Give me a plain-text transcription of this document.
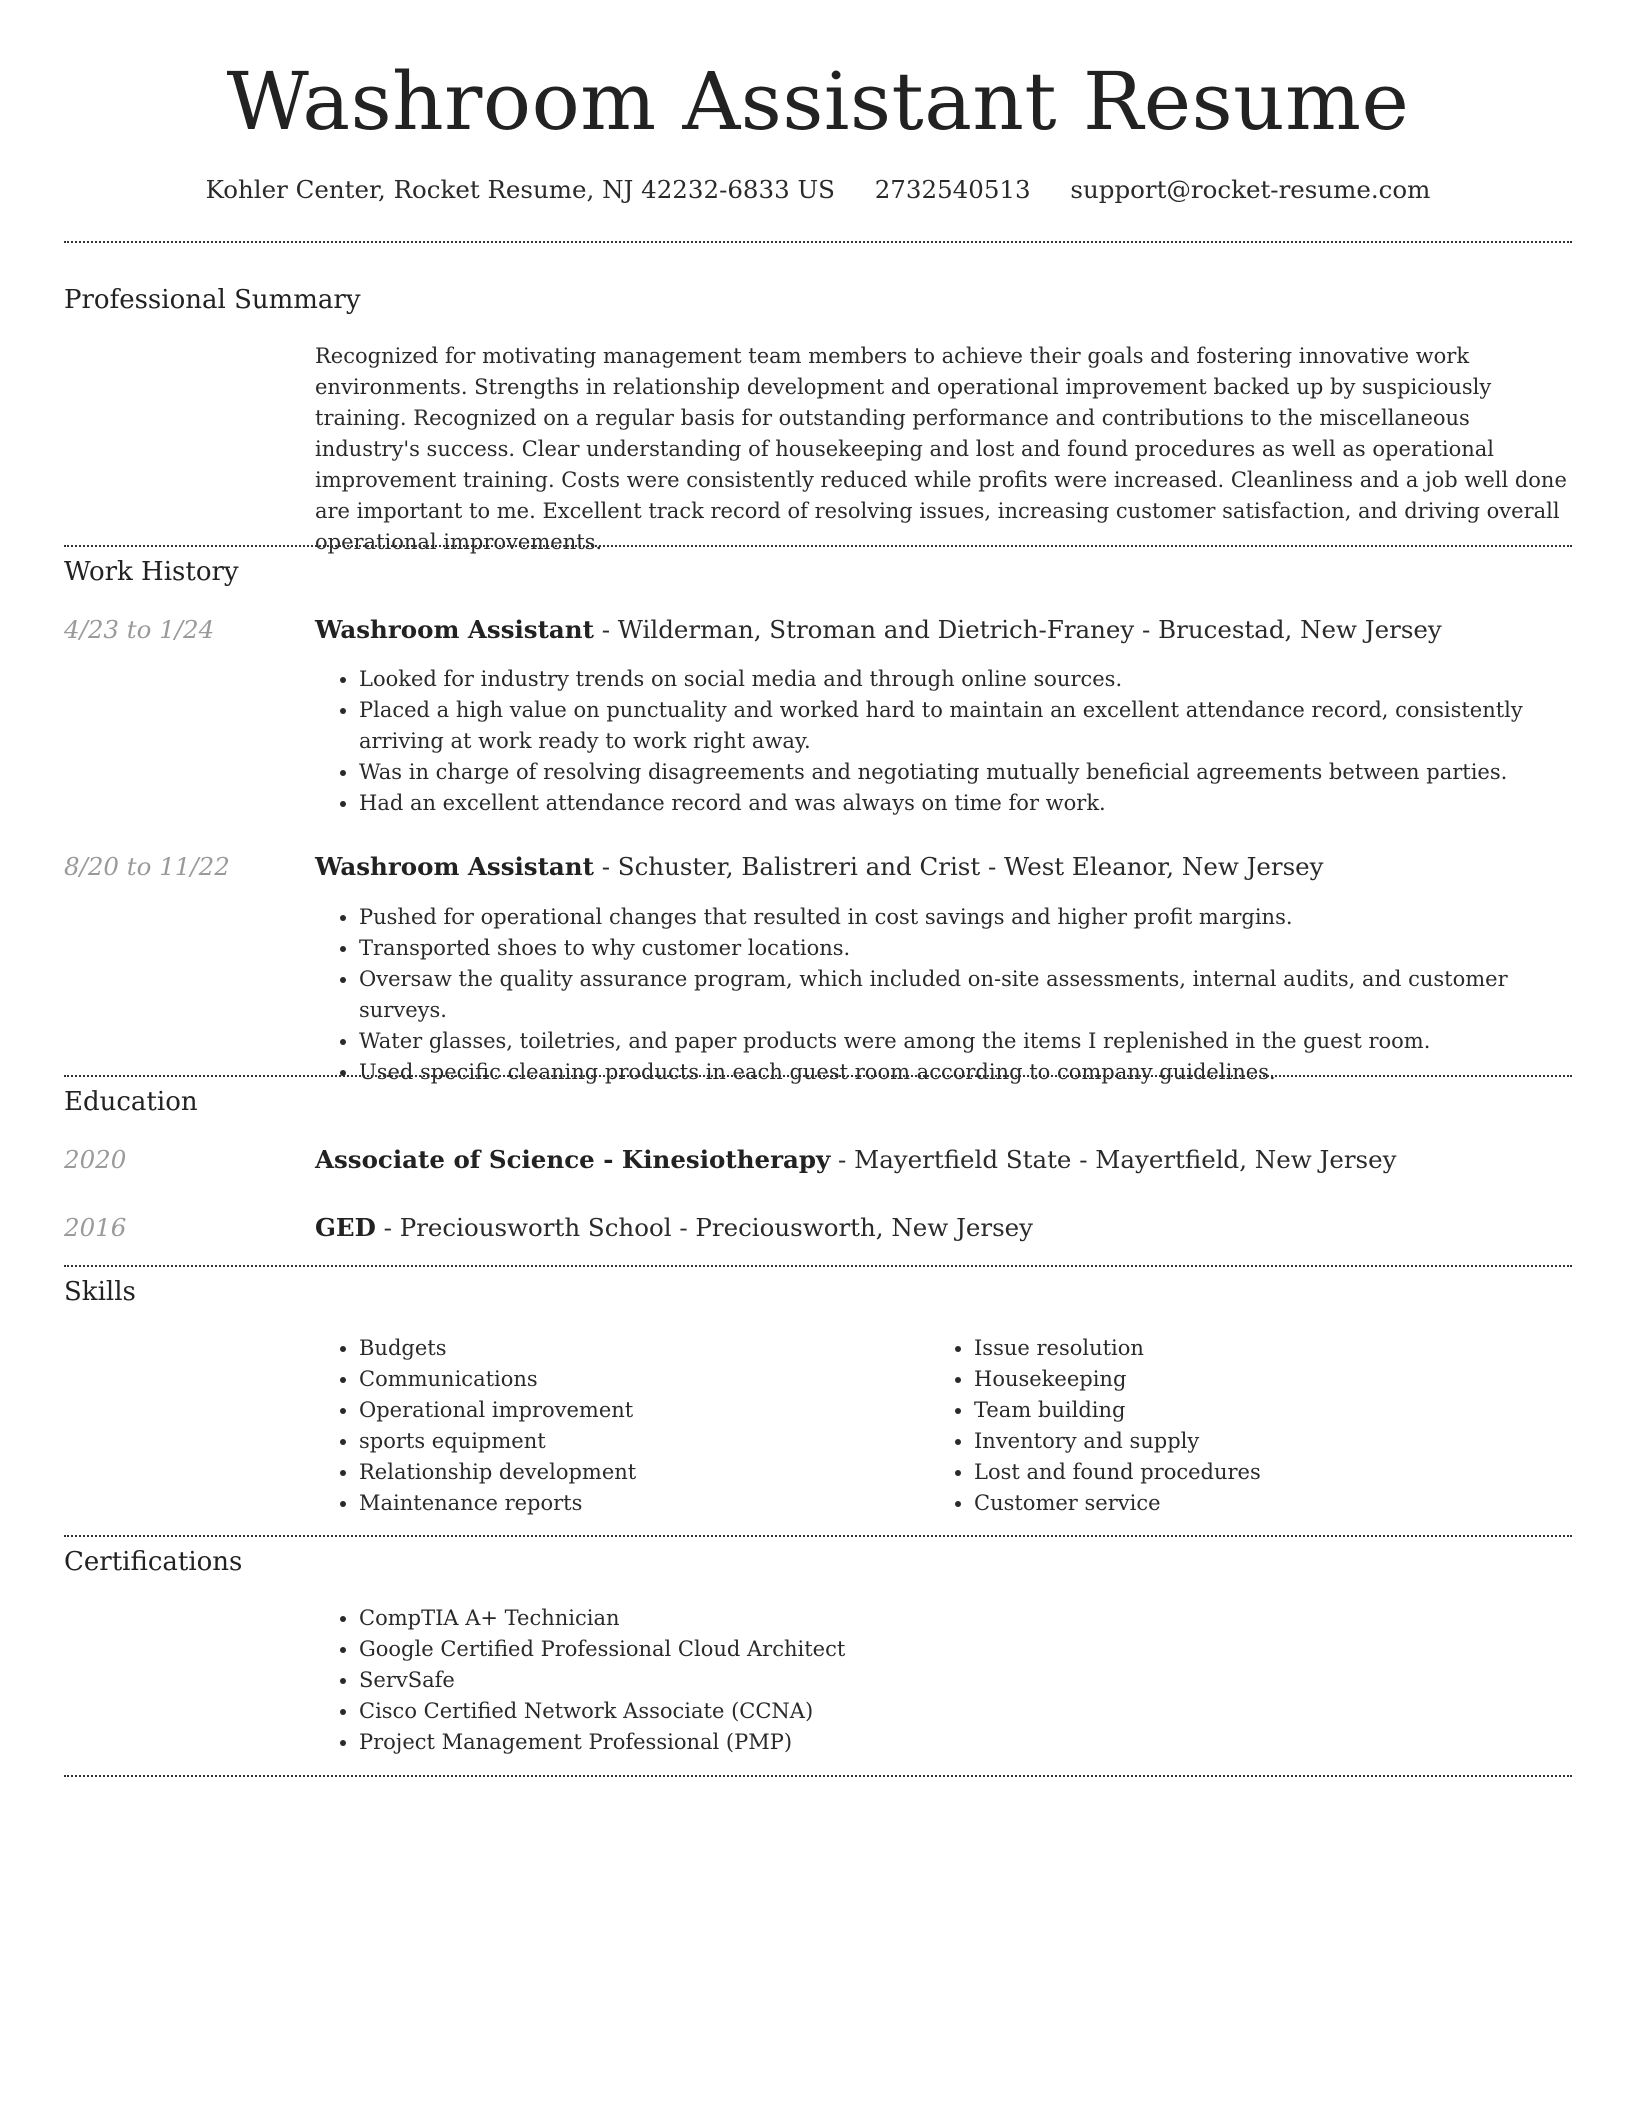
Washroom Assistant Resume
Kohler Center, Rocket Resume, NJ 42232-6833 US 2732540513 support@rocket-resume.com
Professional Summary
Recognized for motivating management team members to achieve their goals and fostering innovative work environments. Strengths in relationship development and operational improvement backed up by suspiciously training. Recognized on a regular basis for outstanding performance and contributions to the miscellaneous industry's success. Clear understanding of housekeeping and lost and found procedures as well as operational improvement training. Costs were consistently reduced while profits were increased. Cleanliness and a job well done are important to me. Excellent track record of resolving issues, increasing customer satisfaction, and driving overall operational improvements.
Work History
4/23 to 1/24	Washroom Assistant - Wilderman, Stroman and Dietrich-Franey - Brucestad, New Jersey
• Looked for industry trends on social media and through online sources.
• Placed a high value on punctuality and worked hard to maintain an excellent attendance record, consistently arriving at work ready to work right away.
• Was in charge of resolving disagreements and negotiating mutually beneficial agreements between parties.
• Had an excellent attendance record and was always on time for work.
8/20 to 11/22	Washroom Assistant - Schuster, Balistreri and Crist - West Eleanor, New Jersey
• Pushed for operational changes that resulted in cost savings and higher profit margins.
• Transported shoes to why customer locations.
• Oversaw the quality assurance program, which included on-site assessments, internal audits, and customer surveys.
• Water glasses, toiletries, and paper products were among the items I replenished in the guest room.
• Used specific cleaning products in each guest room according to company guidelines.
Education
2020	Associate of Science - Kinesiotherapy - Mayertfield State - Mayertfield, New Jersey
2016	GED - Preciousworth School - Preciousworth, New Jersey
Skills
• Budgets
• Communications
• Operational improvement
• sports equipment
• Relationship development
• Maintenance reports
• Issue resolution
• Housekeeping
• Team building
• Inventory and supply
• Lost and found procedures
• Customer service
Certifications
• CompTIA A+ Technician
• Google Certified Professional Cloud Architect
• ServSafe
• Cisco Certified Network Associate (CCNA)
• Project Management Professional (PMP)
